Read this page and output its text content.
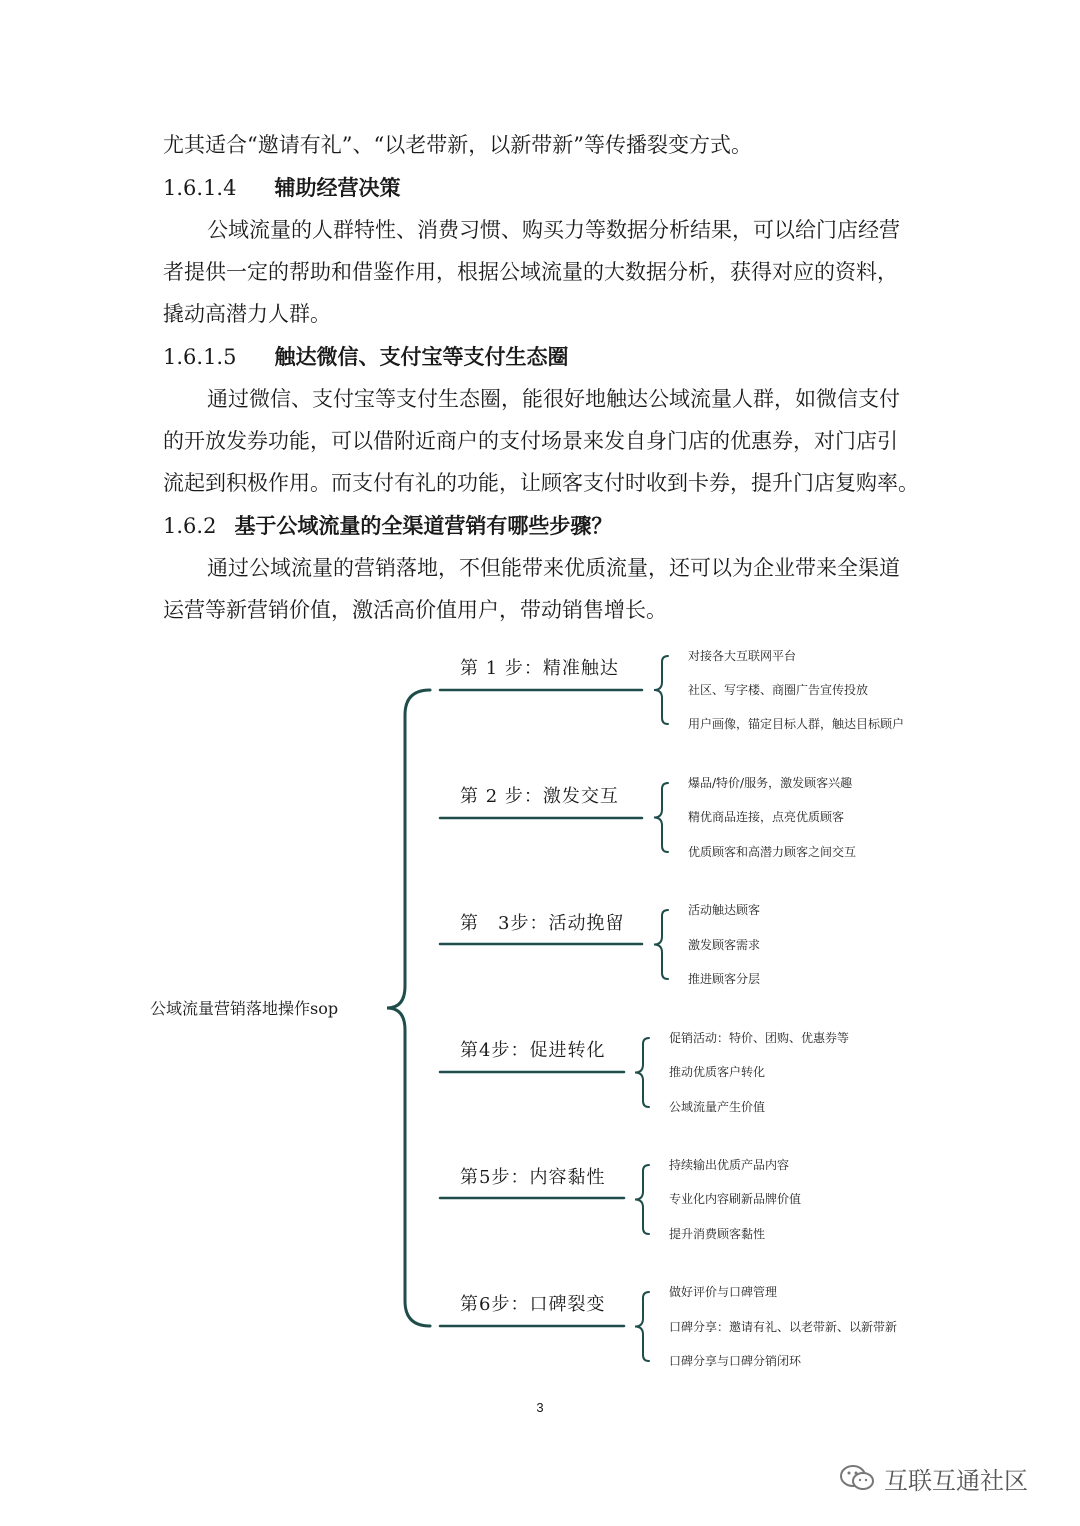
尤其适合“邀请有礼”、“以老带新，以新带新”等传播裂变方式。
1.6.1.4 辅助经营决策
公域流量的人群特性、消费习惯、购买力等数据分析结果，可以给门店经营
者提供一定的帮助和借鉴作用，根据公域流量的大数据分析，获得对应的资料，
撬动高潜力人群。
1.6.1.5 触达微信、支付宝等支付生态圈
通过微信、支付宝等支付生态圈，能很好地触达公域流量人群，如微信支付
的开放发券功能，可以借附近商户的支付场景来发自身门店的优惠券，对门店引
流起到积极作用。而支付有礼的功能，让顾客支付时收到卡券，提升门店复购率。
1.6.2 基于公域流量的全渠道营销有哪些步骤？
通过公域流量的营销落地，不但能带来优质流量，还可以为企业带来全渠道
运营等新营销价值，激活高价值用户，带动销售增长。
公域流量营销落地操作sop
第 1 步：精准触达
对接各大互联网平台
社区、写字楼、商圈广告宣传投放
用户画像，锚定目标人群，触达目标顾户
第 2 步：激发交互
爆品/特价/服务，激发顾客兴趣
精优商品连接，点亮优质顾客
优质顾客和高潜力顾客之间交互
第　3步：活动挽留
活动触达顾客
激发顾客需求
推进顾客分层
第4步：促进转化
促销活动：特价、团购、优惠券等
推动优质客户转化
公域流量产生价值
第5步：内容黏性
持续输出优质产品内容
专业化内容刷新品牌价值
提升消费顾客黏性
第6步：口碑裂变
做好评价与口碑管理
口碑分享：邀请有礼、以老带新、以新带新
口碑分享与口碑分销闭环
3
互联互通社区
